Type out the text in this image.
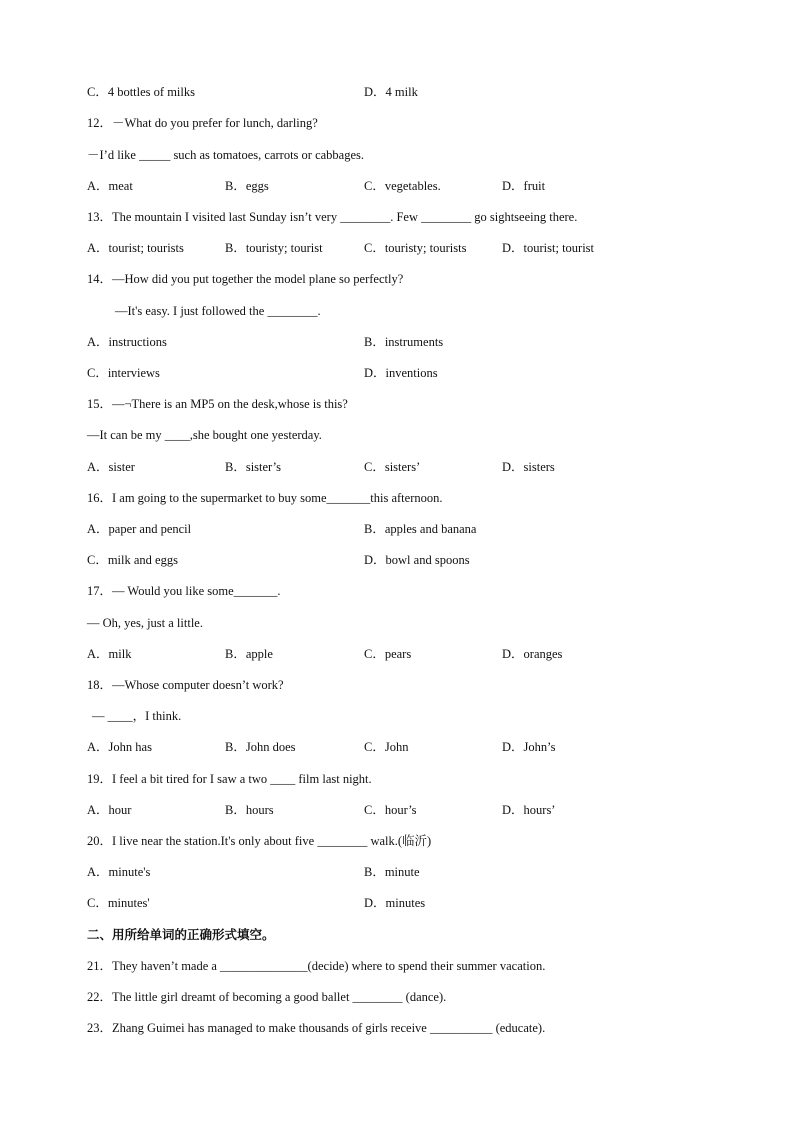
C．4 bottles of milks	D．4 milk
12．－What do you prefer for lunch, darling?
－I’d like _____ such as tomatoes, carrots or cabbages.
A．meat	B．eggs	C．vegetables.	D．fruit
13．The mountain I visited last Sunday isn’t very ________. Few ________ go sightseeing there.
A．tourist; tourists	B．touristy; tourist	C．touristy; tourists	D．tourist; tourist
14．—How did you put together the model plane so perfectly?
—It's easy. I just followed the ________.
A．instructions	B．instruments
C．interviews	D．inventions
15．—¬There is an MP5 on the desk,whose is this?
—It can be my ____,she bought one yesterday.
A．sister	B．sister’s	C．sisters’	D．sisters
16．I am going to the supermarket to buy some_______this afternoon.
A．paper and pencil	B．apples and banana
C．milk and eggs	D．bowl and spoons
17．— Would you like some_______.
— Oh, yes, just a little.
A．milk	B．apple	C．pears	D．oranges
18．—Whose computer doesn’t work?
— ____，I think.
A．John has	B．John does	C．John	D．John’s
19．I feel a bit tired for I saw a two ____ film last night.
A．hour	B．hours	C．hour’s	D．hours’
20．I live near the station.It's only about five ________ walk.(临沂)
A．minute's	B．minute
C．minutes'	D．minutes
二、用所给单词的正确形式填空。
21．They haven’t made a ______________(decide) where to spend their summer vacation.
22．The little girl dreamt of becoming a good ballet ________ (dance).
23．Zhang Guimei has managed to make thousands of girls receive __________ (educate).
